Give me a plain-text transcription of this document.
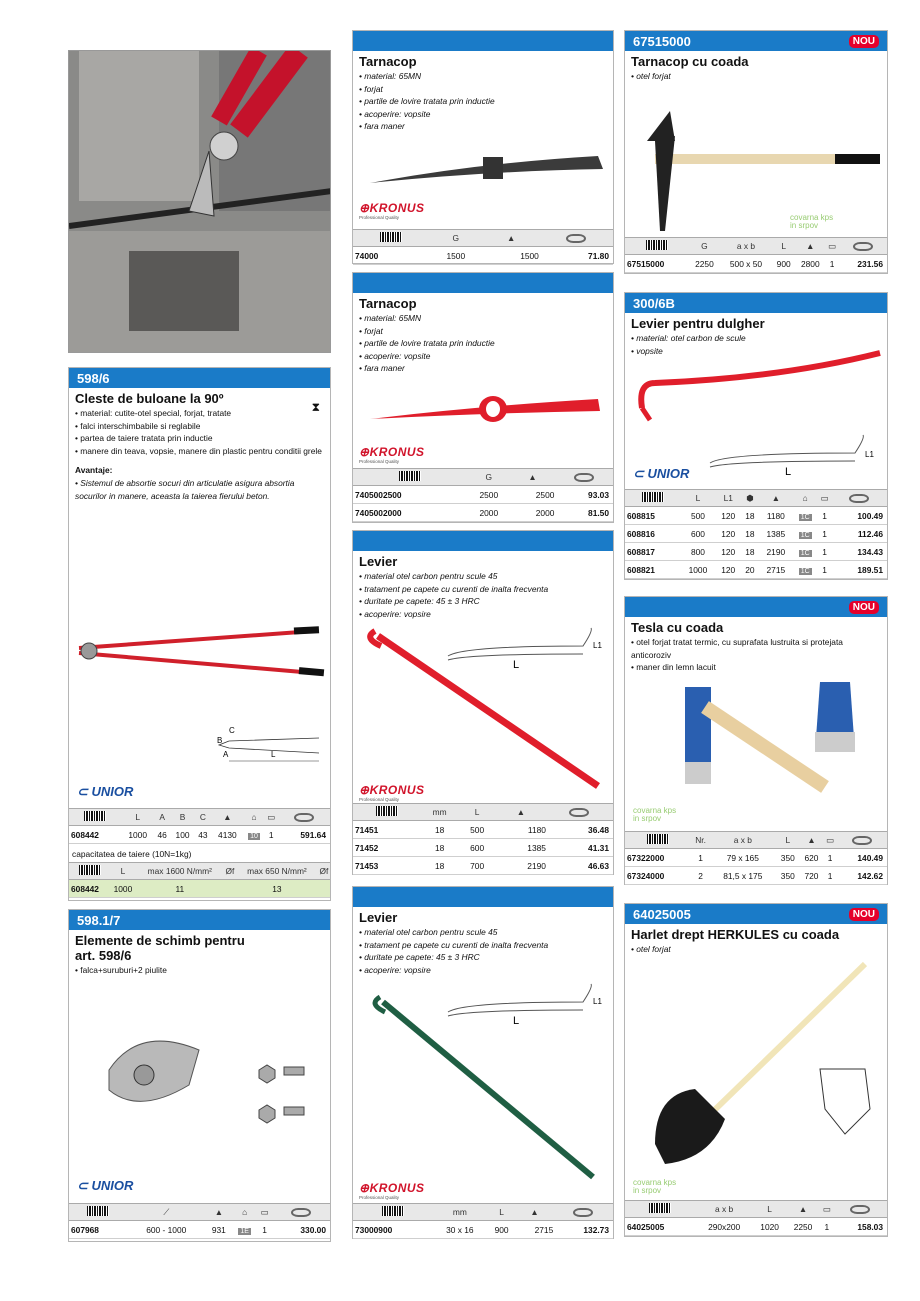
598/6
Cleste de buloane la 90º
⧗
• material: cutite-otel special, forjat, tratate
• falci interschimbabile si reglabile
• partea de taiere tratata prin inductie
• manere din teava, vopsie, manere din plastic pentru conditii grele
Avantaje:
• Sistemul de absortie socuri din articulatie asigura absortia socurilor in manere, aceasta la taierea fierului beton.
B
C
A	L
⊂ UNIOR
	L	A	B	C	▲	⌂	▭	
608442	1000	46	100	43	4130	10	1	591.64
capacitatea de taiere (10N=1kg)
	L	max 1600 N/mm²	Øf	max 650 N/mm²	Øf
608442	1000	11		13	
598.1/7
Elemente de schimb pentru art. 598/6
• falca+suruburi+2 piulite
⊂ UNIOR
	⟋	▲	⌂	▭	
607968	600 - 1000	931	1E	1	330.00
Tarnacop
• material: 65MN
• forjat
• partile de lovire tratata prin inductie
• acoperire: vopsite
• fara maner
⊕KRONUS
Professional Quality
	G	▲	
74000	1500	1500	71.80
Tarnacop
• material: 65MN
• forjat
• partile de lovire tratata prin inductie
• acoperire: vopsite
• fara maner
⊕KRONUS
Professional Quality
	G	▲	
7405002500	2500	2500	93.03
7405002000	2000	2000	81.50
Levier
• material otel carbon pentru scule 45
• tratament pe capete cu curenti de inalta frecventa
• duritate pe capete: 45 ± 3 HRC
• acoperire: vopsire
L
L1
⊕KRONUS
Professional Quality
	mm	L	▲	
71451	18	500	1180	36.48
71452	18	600	1385	41.31
71453	18	700	2190	46.63
Levier
• material otel carbon pentru scule 45
• tratament pe capete cu curenti de inalta frecventa
• duritate pe capete: 45 ± 3 HRC
• acoperire: vopsire
L
L1
⊕KRONUS
Professional Quality
	mm	L	▲	
73000900	30 x 16	900	2715	132.73
67515000	NOU
Tarnacop cu coada
• otel forjat
covarna kps
in srpov
	G	a x b	L	▲	▭	
67515000	2250	500 x 50	900	2800	1	231.56
300/6B
Levier pentru dulgher
• material: otel carbon de scule
• vopsite
L
L1
⊂ UNIOR
	L	L1	⬢	▲	⌂	▭	
608815	500	120	18	1180	1C	1	100.49
608816	600	120	18	1385	1C	1	112.46
608817	800	120	18	2190	1C	1	134.43
608821	1000	120	20	2715	1C	1	189.51
NOU
Tesla cu coada
• otel forjat tratat termic, cu suprafata lustruita si protejata anticoroziv
• maner din lemn lacuit
covarna kps
in srpov
	Nr.	a x b	L	▲	▭	
67322000	1	79 x 165	350	620	1	140.49
67324000	2	81,5 x 175	350	720	1	142.62
64025005	NOU
Harlet drept HERKULES cu coada
• otel forjat
covarna kps
in srpov
	a x b	L	▲	▭	
64025005	290x200	1020	2250	1	158.03
